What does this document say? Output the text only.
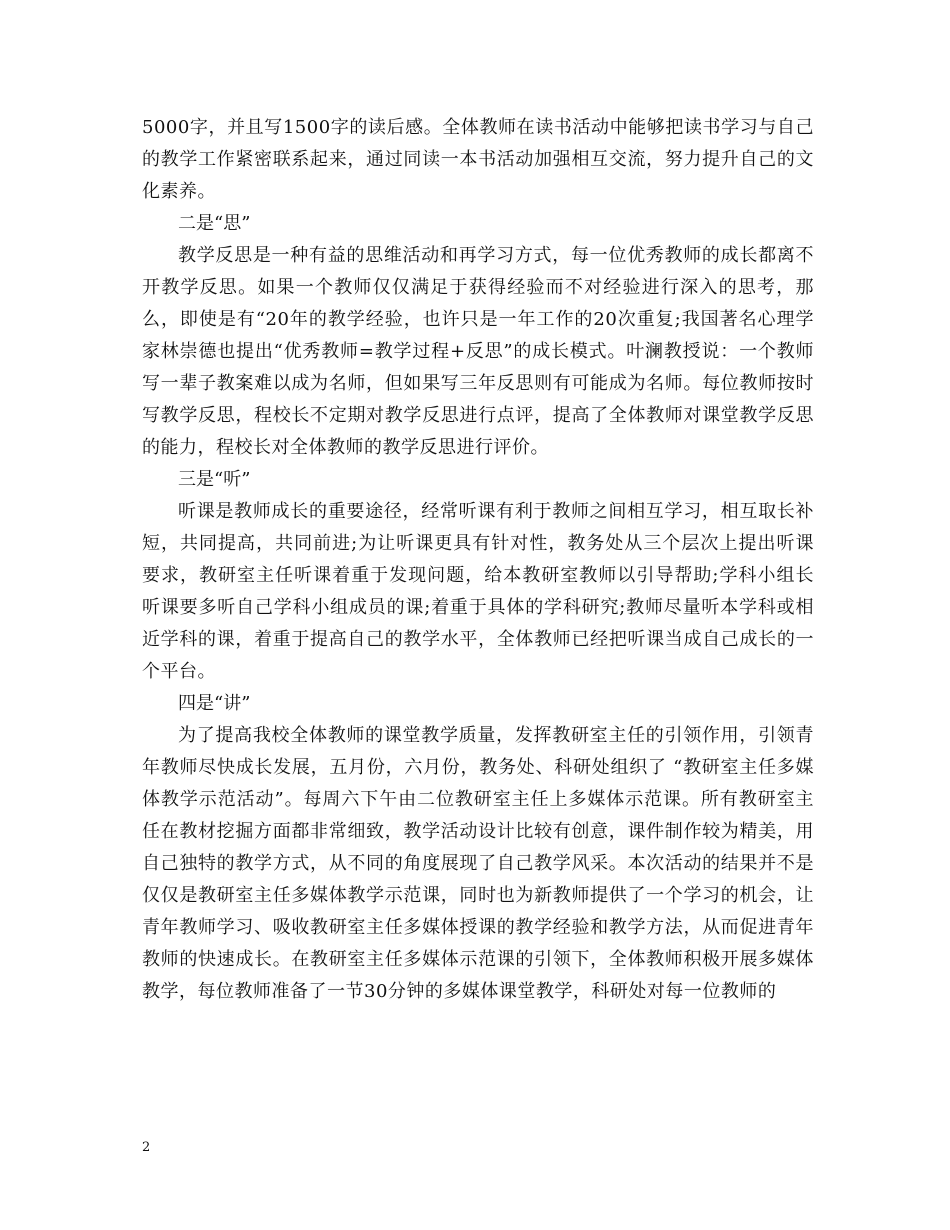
5000字，并且写1500字的读后感。全体教师在读书活动中能够把读书学习与自己的教学工作紧密联系起来，通过同读一本书活动加强相互交流，努力提升自己的文化素养。

二是“思”

教学反思是一种有益的思维活动和再学习方式，每一位优秀教师的成长都离不开教学反思。如果一个教师仅仅满足于获得经验而不对经验进行深入的思考，那么，即使是有“20年的教学经验，也许只是一年工作的20次重复;我国著名心理学家林崇德也提出“优秀教师=教学过程+反思”的成长模式。叶澜教授说：一个教师写一辈子教案难以成为名师，但如果写三年反思则有可能成为名师。每位教师按时写教学反思，程校长不定期对教学反思进行点评，提高了全体教师对课堂教学反思的能力，程校长对全体教师的教学反思进行评价。

三是“听”

听课是教师成长的重要途径，经常听课有利于教师之间相互学习，相互取长补短，共同提高，共同前进;为让听课更具有针对性，教务处从三个层次上提出听课要求，教研室主任听课着重于发现问题，给本教研室教师以引导帮助;学科小组长听课要多听自己学科小组成员的课;着重于具体的学科研究;教师尽量听本学科或相近学科的课，着重于提高自己的教学水平，全体教师已经把听课当成自己成长的一个平台。

四是“讲”

为了提高我校全体教师的课堂教学质量，发挥教研室主任的引领作用，引领青年教师尽快成长发展，五月份，六月份，教务处、科研处组织了 “教研室主任多媒体教学示范活动”。每周六下午由二位教研室主任上多媒体示范课。所有教研室主任在教材挖掘方面都非常细致，教学活动设计比较有创意，课件制作较为精美，用自己独特的教学方式，从不同的角度展现了自己教学风采。本次活动的结果并不是仅仅是教研室主任多媒体教学示范课，同时也为新教师提供了一个学习的机会，让青年教师学习、吸收教研室主任多媒体授课的教学经验和教学方法，从而促进青年教师的快速成长。在教研室主任多媒体示范课的引领下，全体教师积极开展多媒体教学，每位教师准备了一节30分钟的多媒体课堂教学，科研处对每一位教师的

2
